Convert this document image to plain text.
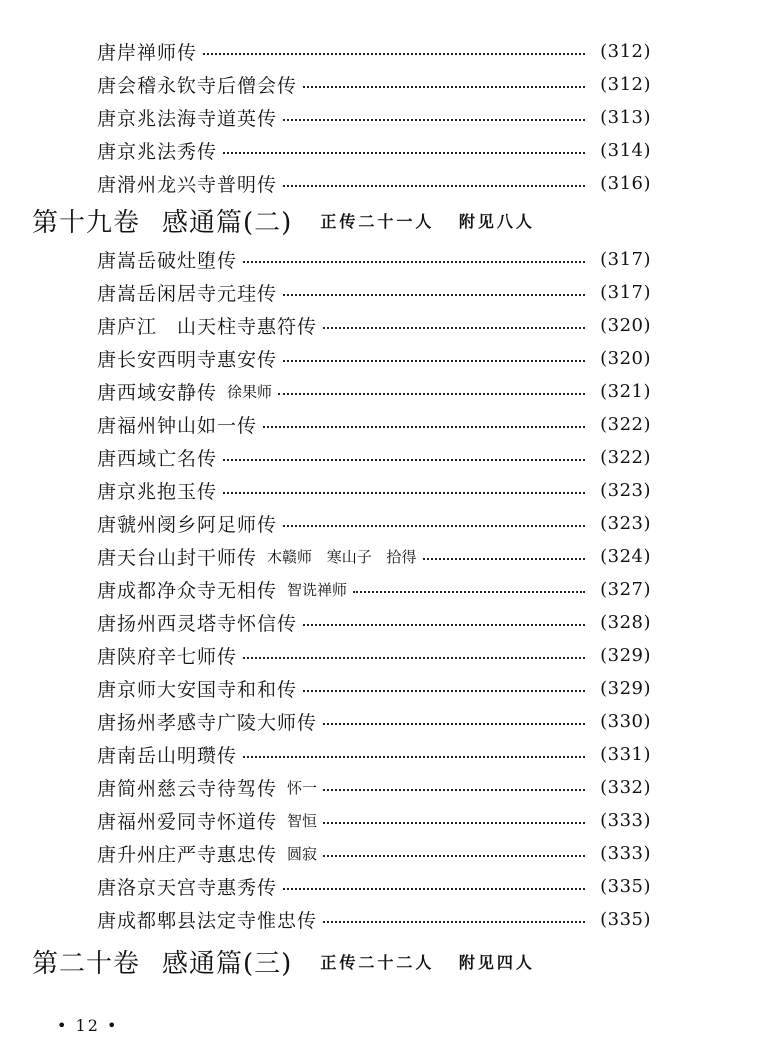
唐岸禅师传	(312)
唐会稽永钦寺后僧会传	(312)
唐京兆法海寺道英传	(313)
唐京兆法秀传	(314)
唐滑州龙兴寺普明传	(316)
第十九卷 感通篇(二) 正传二十一人 附见八人
唐嵩岳破灶堕传	(317)
唐嵩岳闲居寺元珪传	(317)
唐庐江　山天柱寺惠符传	(320)
唐长安西明寺惠安传	(320)
唐西域安静传 徐果师	(321)
唐福州钟山如一传	(322)
唐西域亡名传	(322)
唐京兆抱玉传	(323)
唐虢州阌乡阿足师传	(323)
唐天台山封干师传 木赣师 寒山子 拾得	(324)
唐成都净众寺无相传 智诜禅师	(327)
唐扬州西灵塔寺怀信传	(328)
唐陕府辛七师传	(329)
唐京师大安国寺和和传	(329)
唐扬州孝感寺广陵大师传	(330)
唐南岳山明瓒传	(331)
唐简州慈云寺待驾传 怀一	(332)
唐福州爱同寺怀道传 智恒	(333)
唐升州庄严寺惠忠传 圆寂	(333)
唐洛京天宫寺惠秀传	(335)
唐成都郫县法定寺惟忠传	(335)
第二十卷 感通篇(三) 正传二十二人 附见四人
• 12 •
